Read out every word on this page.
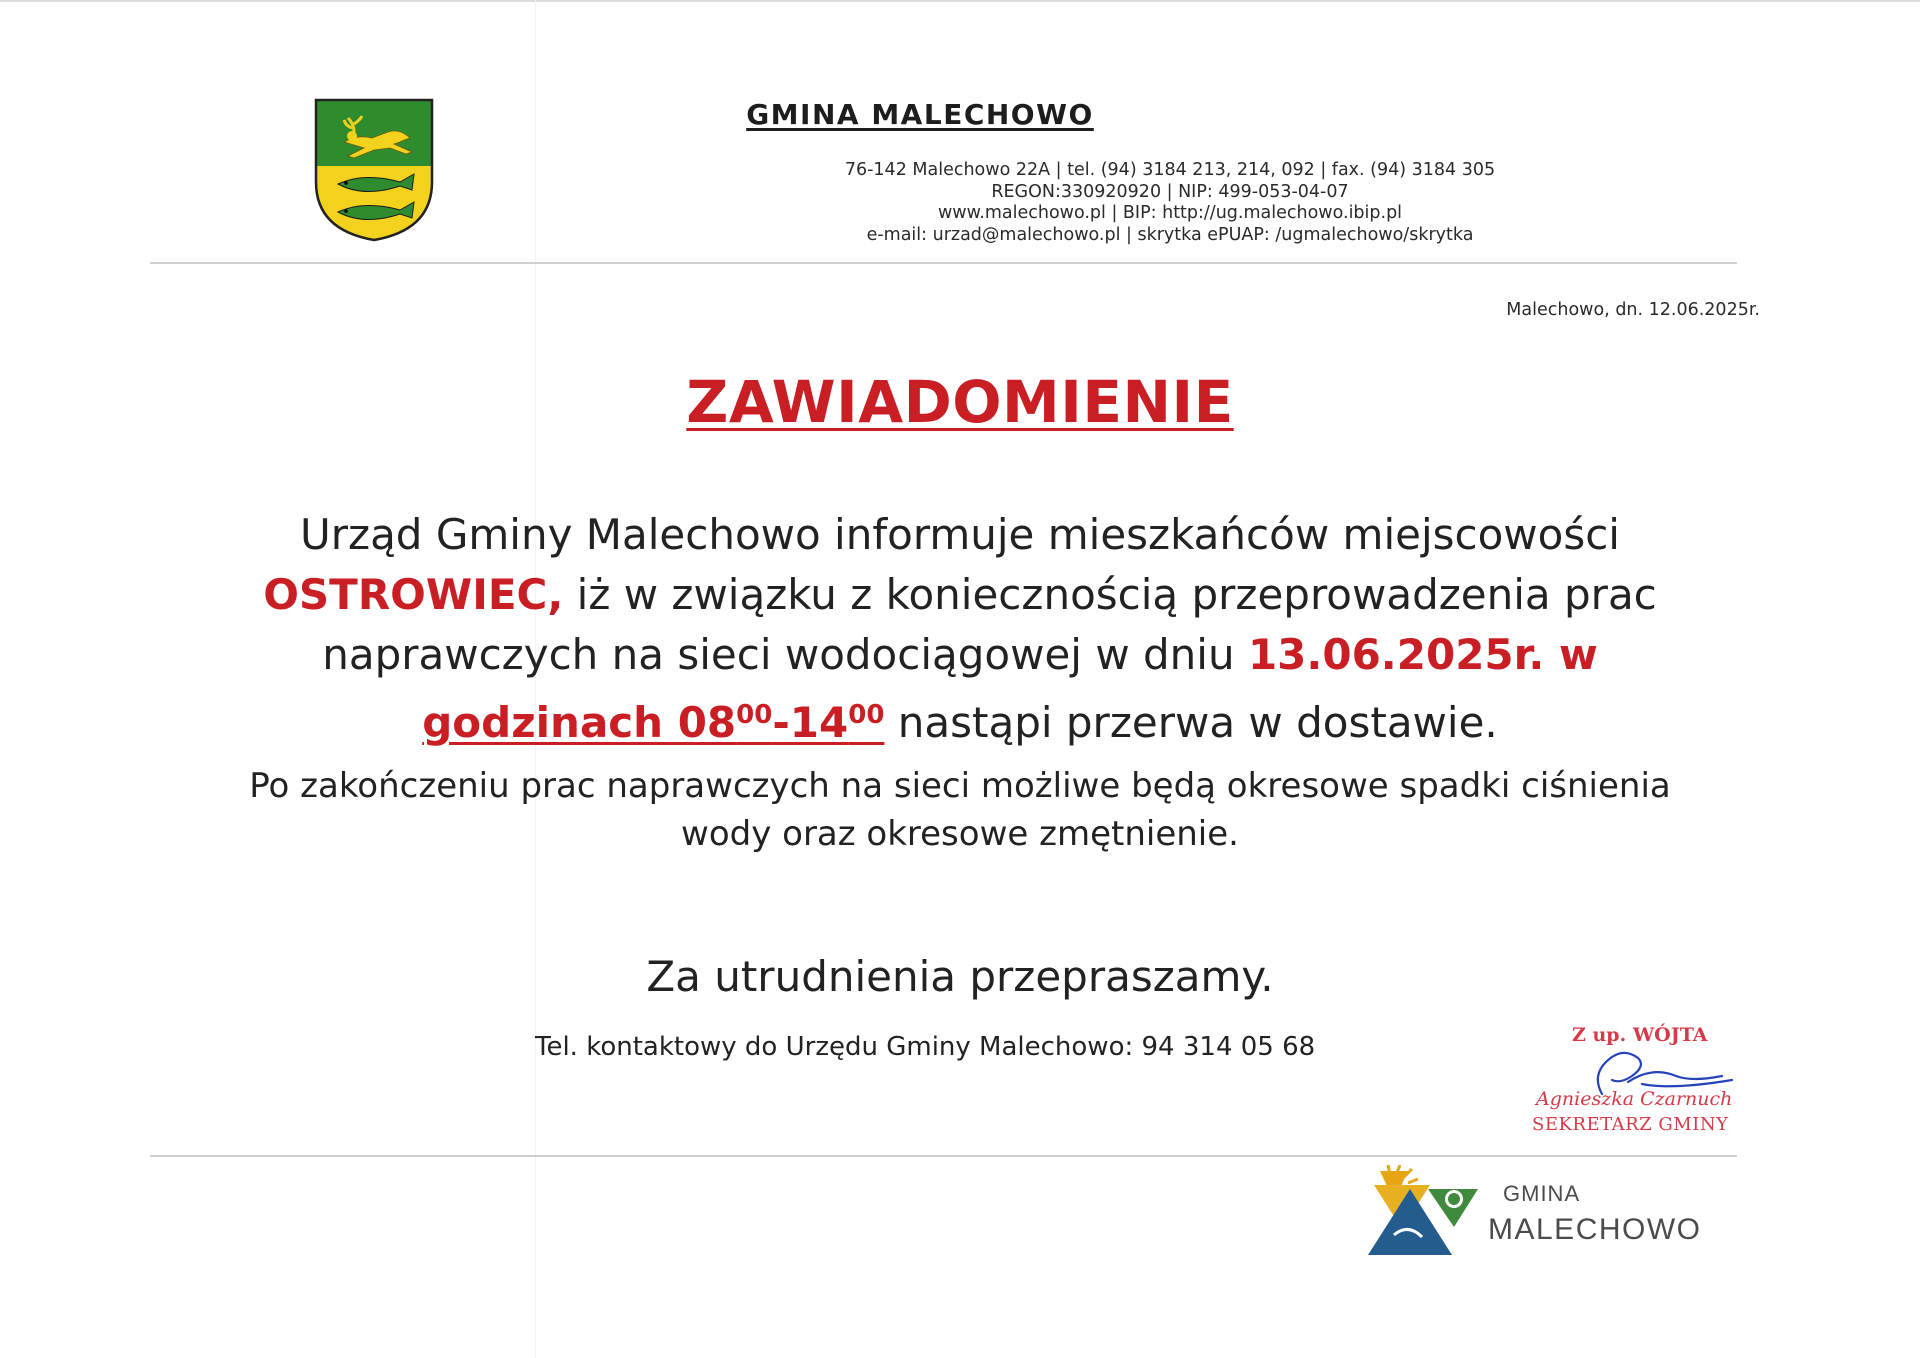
GMINA MALECHOWO
76-142 Malechowo 22A | tel. (94) 3184 213, 214, 092 | fax. (94) 3184 305
REGON:330920920 | NIP: 499-053-04-07
www.malechowo.pl | BIP: http://ug.malechowo.ibip.pl
e-mail: urzad@malechowo.pl | skrytka ePUAP: /ugmalechowo/skrytka
Malechowo, dn. 12.06.2025r.
ZAWIADOMIENIE
Urząd Gminy Malechowo informuje mieszkańców miejscowości
OSTROWIEC, iż w związku z koniecznością przeprowadzenia prac
naprawczych na sieci wodociągowej w dniu 13.06.2025r. w
godzinach $08^{00}-14^{00}$ nastąpi przerwa w dostawie.
Po zakończeniu prac naprawczych na sieci możliwe będą okresowe spadki ciśnienia
wody oraz okresowe zmętnienie.
Za utrudnienia przepraszamy.
Tel. kontaktowy do Urzędu Gminy Malechowo: 94 314 05 68	Z up. WÓJTA
Agnieszka Czarnuch
SEKRETARZ GMINY
GMINA
MALECHOWO
